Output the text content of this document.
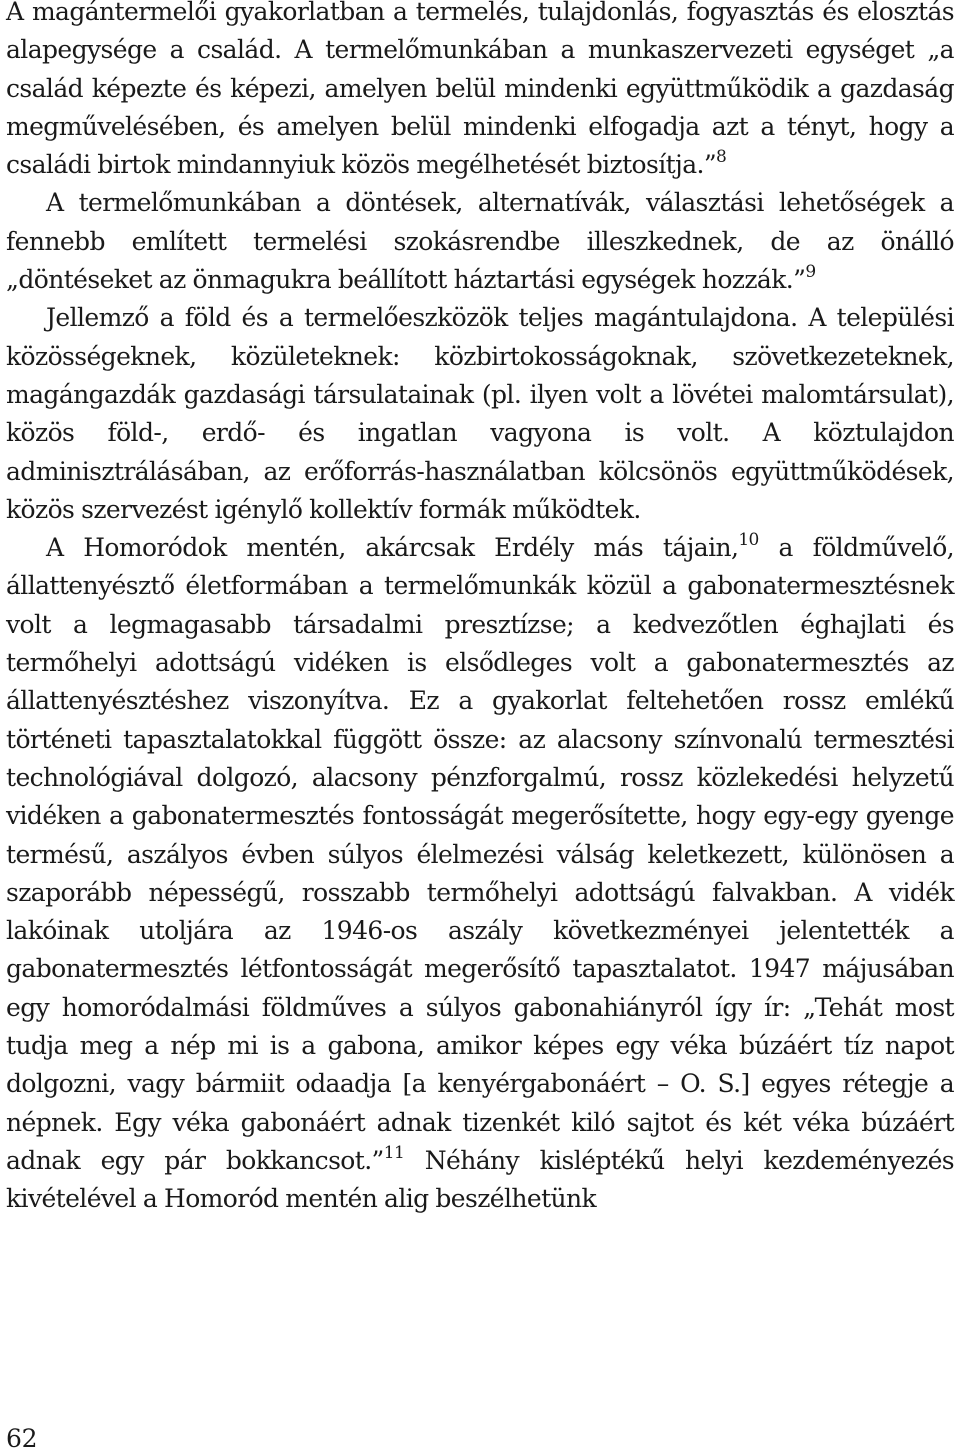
A magántermelői gyakorlatban a termelés, tulajdonlás, fogyasztás és elosztás alapegysége a család. A termelőmunkában a munkaszervezeti egységet „a család képezte és képezi, amelyen belül mindenki együttműködik a gazdaság megművelésében, és amelyen belül mindenki elfogadja azt a tényt, hogy a családi birtok mindannyiuk közös megélhetését biztosítja.”$^8$

A termelőmunkában a döntések, alternatívák, választási lehetőségek a fennebb említett termelési szokásrendbe illeszkednek, de az önálló „döntéseket az önmagukra beállított háztartási egységek hozzák.”$^9$

Jellemző a föld és a termelőeszközök teljes magántulajdona. A települési közösségeknek, közületeknek: közbirtokosságoknak, szövetkezeteknek, magángazdák gazdasági társulatainak (pl. ilyen volt a lövétei malomtársulat), közös föld-, erdő- és ingatlan vagyona is volt. A köztulajdon adminisztrálásában, az erőforrás-használatban kölcsönös együttműködések, közös szervezést igénylő kollektív formák működtek.

A Homoródok mentén, akárcsak Erdély más tájain,$^{10}$ a földművelő, állattenyésztő életformában a termelőmunkák közül a gabonatermesztésnek volt a legmagasabb társadalmi presztízse; a kedvezőtlen éghajlati és termőhelyi adottságú vidéken is elsődleges volt a gabonatermesztés az állattenyésztéshez viszonyítva. Ez a gyakorlat feltehetően rossz emlékű történeti tapasztalatokkal függött össze: az alacsony színvonalú termesztési technológiával dolgozó, alacsony pénzforgalmú, rossz közlekedési helyzetű vidéken a gabonatermesztés fontosságát megerősítette, hogy egy-egy gyenge termésű, aszályos évben súlyos élelmezési válság keletkezett, különösen a szaporább népességű, rosszabb termőhelyi adottságú falvakban. A vidék lakóinak utoljára az 1946-os aszály következményei jelentették a gabonatermesztés létfontosságát megerősítő tapasztalatot. 1947 májusában egy homoródalmási földműves a súlyos gabonahiányról így ír: „Tehát most tudja meg a nép mi is a gabona, amikor képes egy véka búzáért tíz napot dolgozni, vagy bármiit odaadja [a kenyérgabonáért – O. S.] egyes rétegje a népnek. Egy véka gabonáért adnak tizenkét kiló sajtot és két véka búzáért adnak egy pár bokkancsot.”$^{11}$ Néhány kisléptékű helyi kezdeményezés kivételével a Homoród mentén alig beszélhetünk

62
